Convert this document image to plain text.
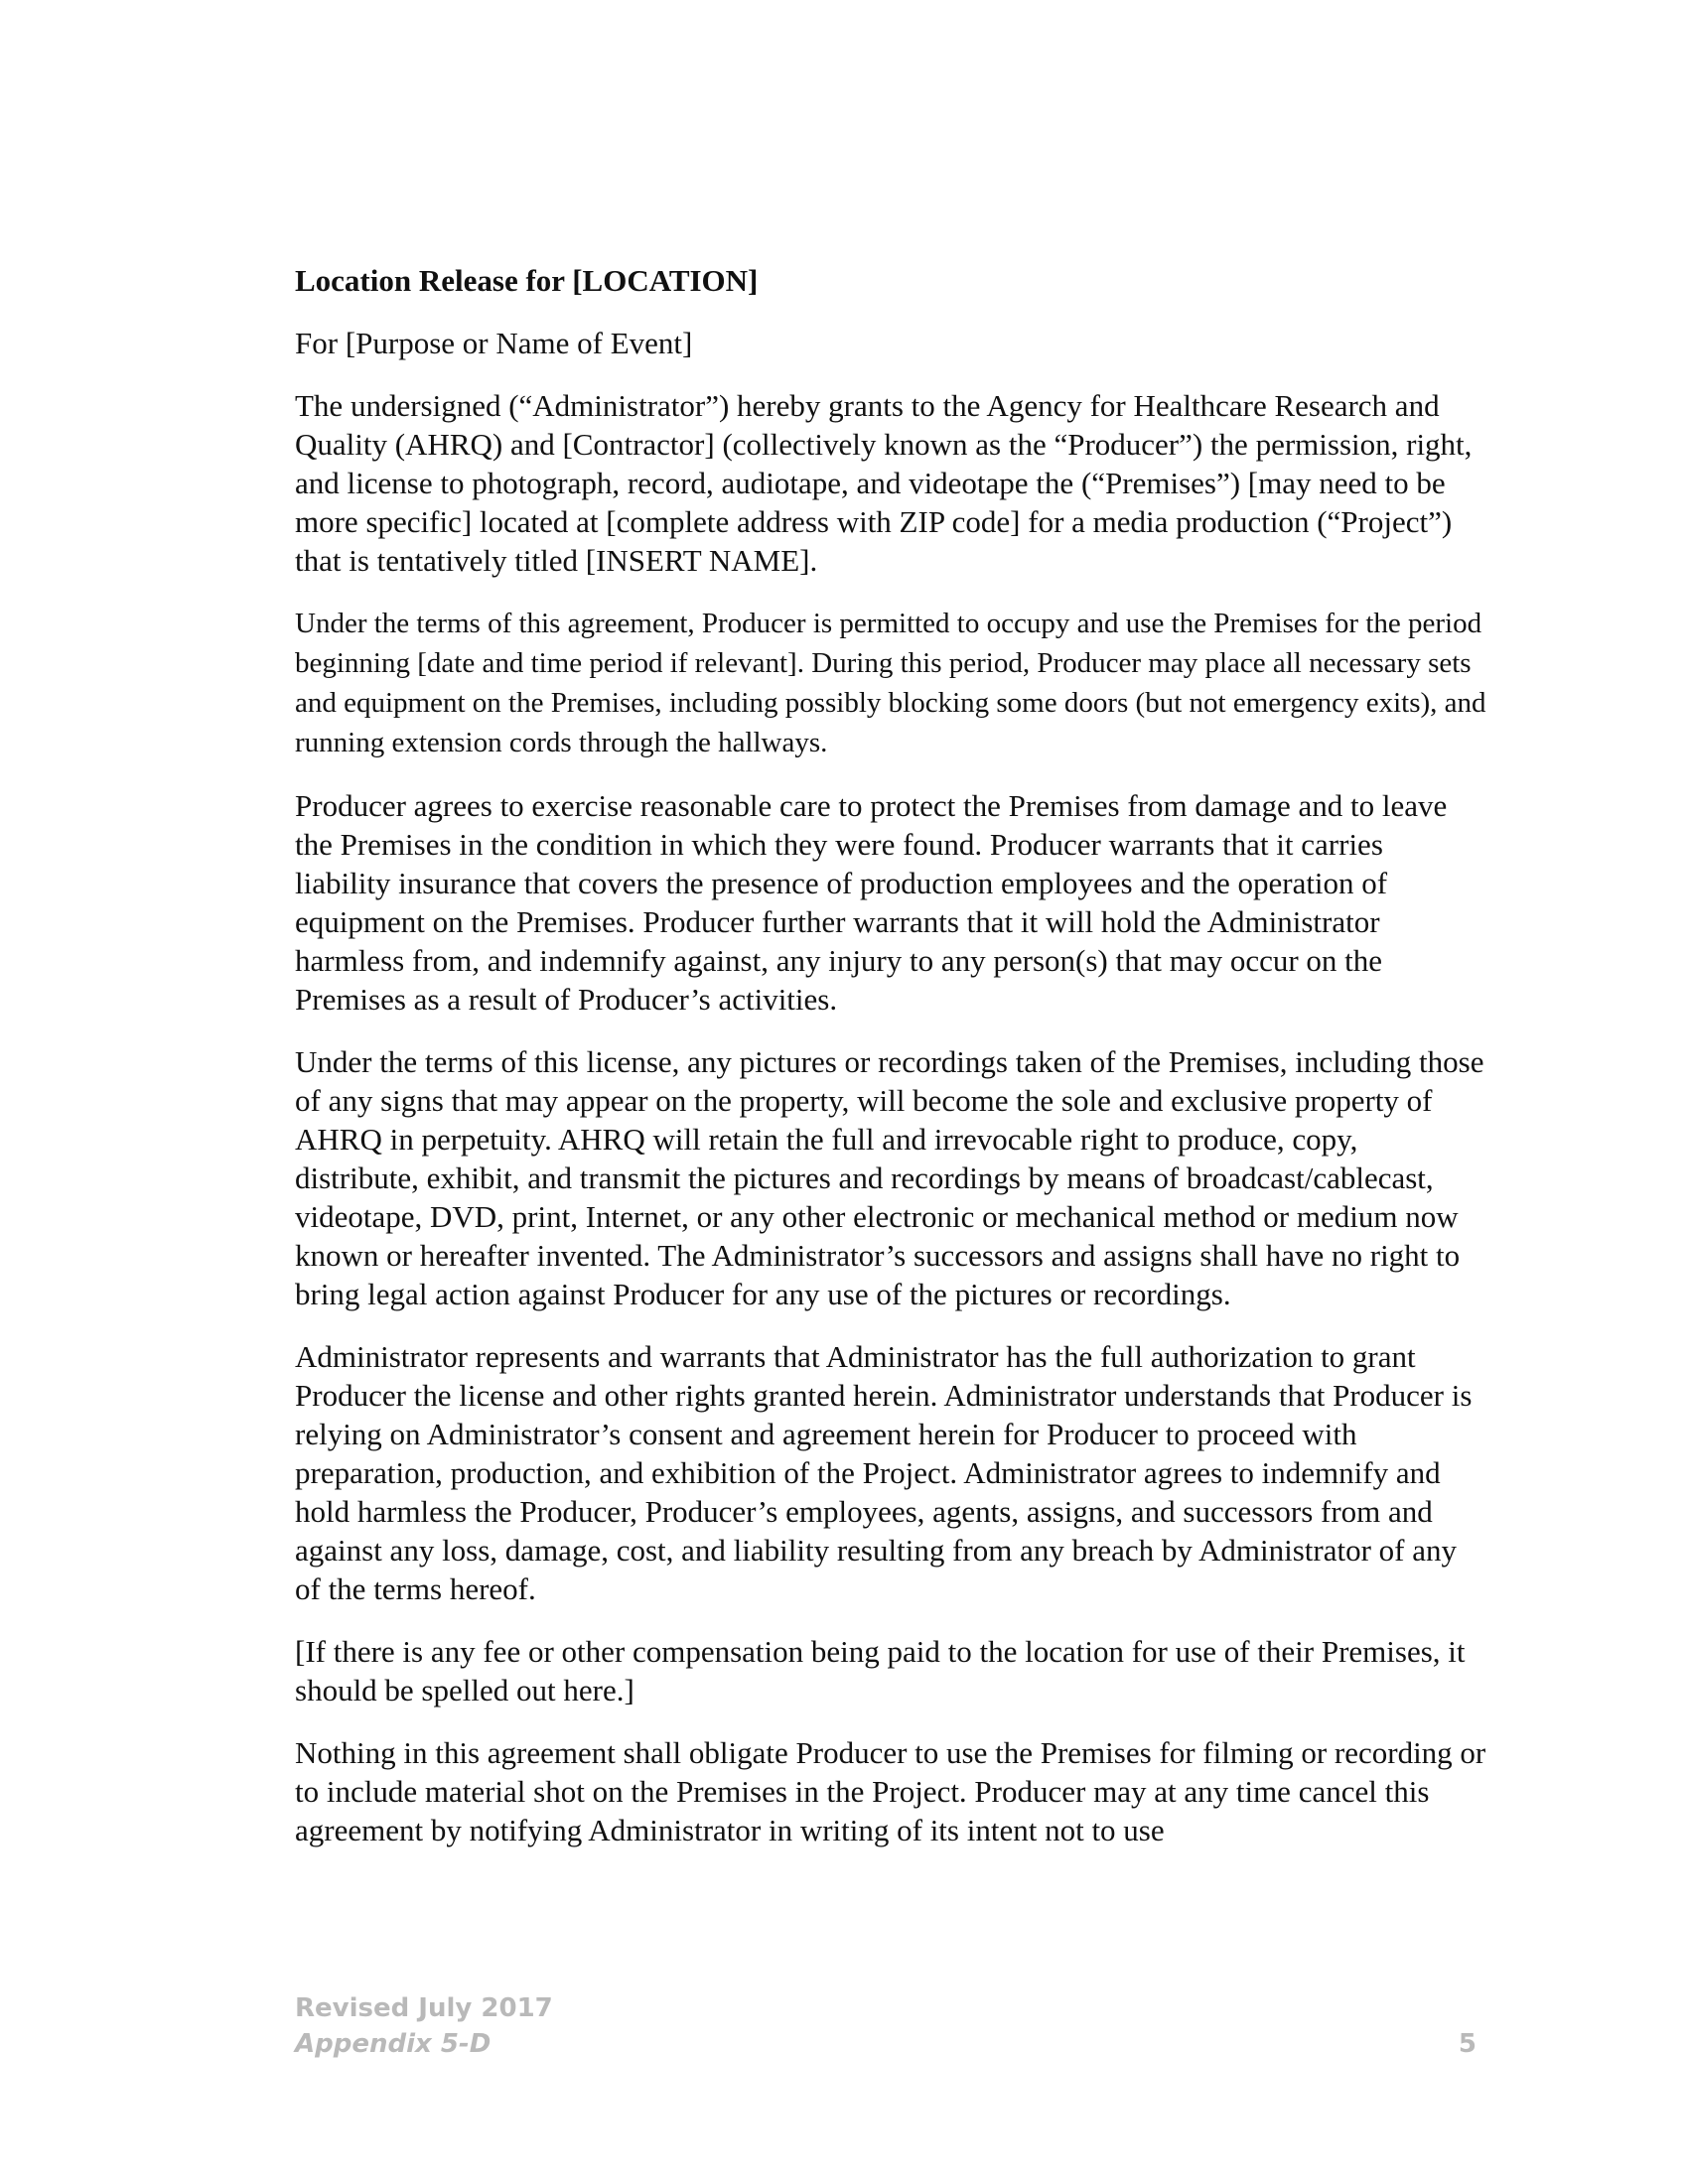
Location Release for [LOCATION]

For [Purpose or Name of Event]

The undersigned (“Administrator”) hereby grants to the Agency for Healthcare Research and Quality (AHRQ) and [Contractor] (collectively known as the “Producer”) the permission, right, and license to photograph, record, audiotape, and videotape the (“Premises”) [may need to be more specific] located at [complete address with ZIP code] for a media production (“Project”) that is tentatively titled [INSERT NAME].

Under the terms of this agreement, Producer is permitted to occupy and use the Premises for the period beginning [date and time period if relevant]. During this period, Producer may place all necessary sets and equipment on the Premises, including possibly blocking some doors (but not emergency exits), and running extension cords through the hallways.

Producer agrees to exercise reasonable care to protect the Premises from damage and to leave the Premises in the condition in which they were found. Producer warrants that it carries liability insurance that covers the presence of production employees and the operation of equipment on the Premises. Producer further warrants that it will hold the Administrator harmless from, and indemnify against, any injury to any person(s) that may occur on the Premises as a result of Producer’s activities.

Under the terms of this license, any pictures or recordings taken of the Premises, including those of any signs that may appear on the property, will become the sole and exclusive property of AHRQ in perpetuity. AHRQ will retain the full and irrevocable right to produce, copy, distribute, exhibit, and transmit the pictures and recordings by means of broadcast/cablecast, videotape, DVD, print, Internet, or any other electronic or mechanical method or medium now known or hereafter invented. The Administrator’s successors and assigns shall have no right to bring legal action against Producer for any use of the pictures or recordings.

Administrator represents and warrants that Administrator has the full authorization to grant Producer the license and other rights granted herein. Administrator understands that Producer is relying on Administrator’s consent and agreement herein for Producer to proceed with preparation, production, and exhibition of the Project. Administrator agrees to indemnify and hold harmless the Producer, Producer’s employees, agents, assigns, and successors from and against any loss, damage, cost, and liability resulting from any breach by Administrator of any of the terms hereof.

[If there is any fee or other compensation being paid to the location for use of their Premises, it should be spelled out here.]

Nothing in this agreement shall obligate Producer to use the Premises for filming or recording or to include material shot on the Premises in the Project. Producer may at any time cancel this agreement by notifying Administrator in writing of its intent not to use

Revised July 2017
Appendix 5-D	5
